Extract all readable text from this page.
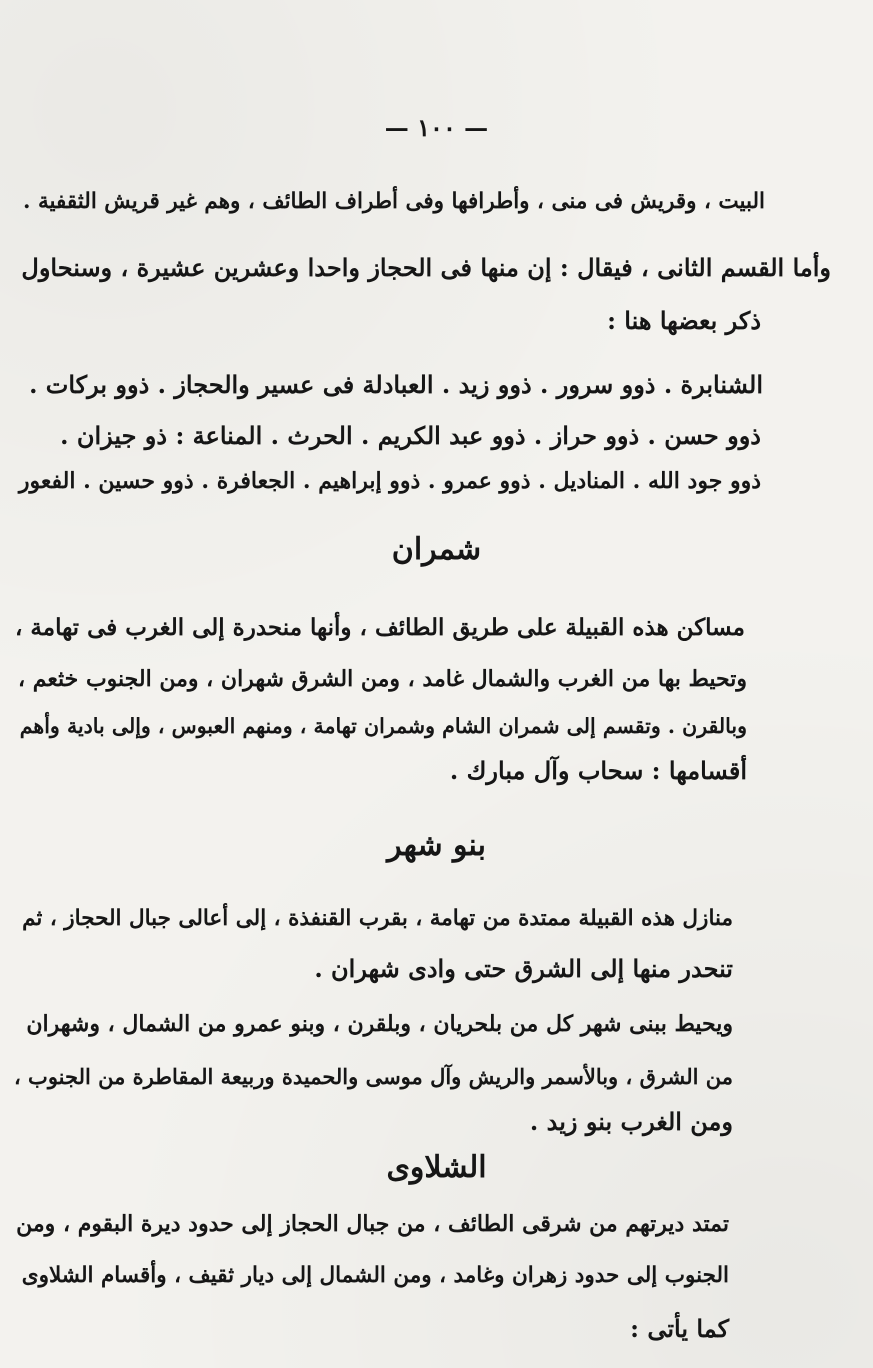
— ١٠٠ —
البيت ، وقريش فى منى ، وأطرافها وفى أطراف الطائف ، وهم غير قريش الثقفية .
وأما القسم الثانى ، فيقال : إن منها فى الحجاز واحدا وعشرين عشيرة ، وسنحاول
ذكر بعضها هنا :
الشنابرة . ذوو سرور . ذوو زيد . العبادلة فى عسير والحجاز . ذوو بركات .
ذوو حسن . ذوو حراز . ذوو عبد الكريم . الحرث . المناعة : ذو جيزان .
ذوو جود الله . المناديل . ذوو عمرو . ذوو إبراهيم . الجعافرة . ذوو حسين . الفعور
شمران
مساكن هذه القبيلة على طريق الطائف ، وأنها منحدرة إلى الغرب فى تهامة ،
وتحيط بها من الغرب والشمال غامد ، ومن الشرق شهران ، ومن الجنوب خثعم ،
وبالقرن . وتقسم إلى شمران الشام وشمران تهامة ، ومنهم العبوس ، وإلى بادية وأهم
أقسامها : سحاب وآل مبارك .
بنو شهر
منازل هذه القبيلة ممتدة من تهامة ، بقرب القنفذة ، إلى أعالى جبال الحجاز ، ثم
تنحدر منها إلى الشرق حتى وادى شهران .
ويحيط ببنى شهر كل من بلحريان ، وبلقرن ، وبنو عمرو من الشمال ، وشهران
من الشرق ، وبالأسمر والريش وآل موسى والحميدة وربيعة المقاطرة من الجنوب ،
ومن الغرب بنو زيد .
الشلاوى
تمتد ديرتهم من شرقى الطائف ، من جبال الحجاز إلى حدود ديرة البقوم ، ومن
الجنوب إلى حدود زهران وغامد ، ومن الشمال إلى ديار ثقيف ، وأقسام الشلاوى
كما يأتى :
